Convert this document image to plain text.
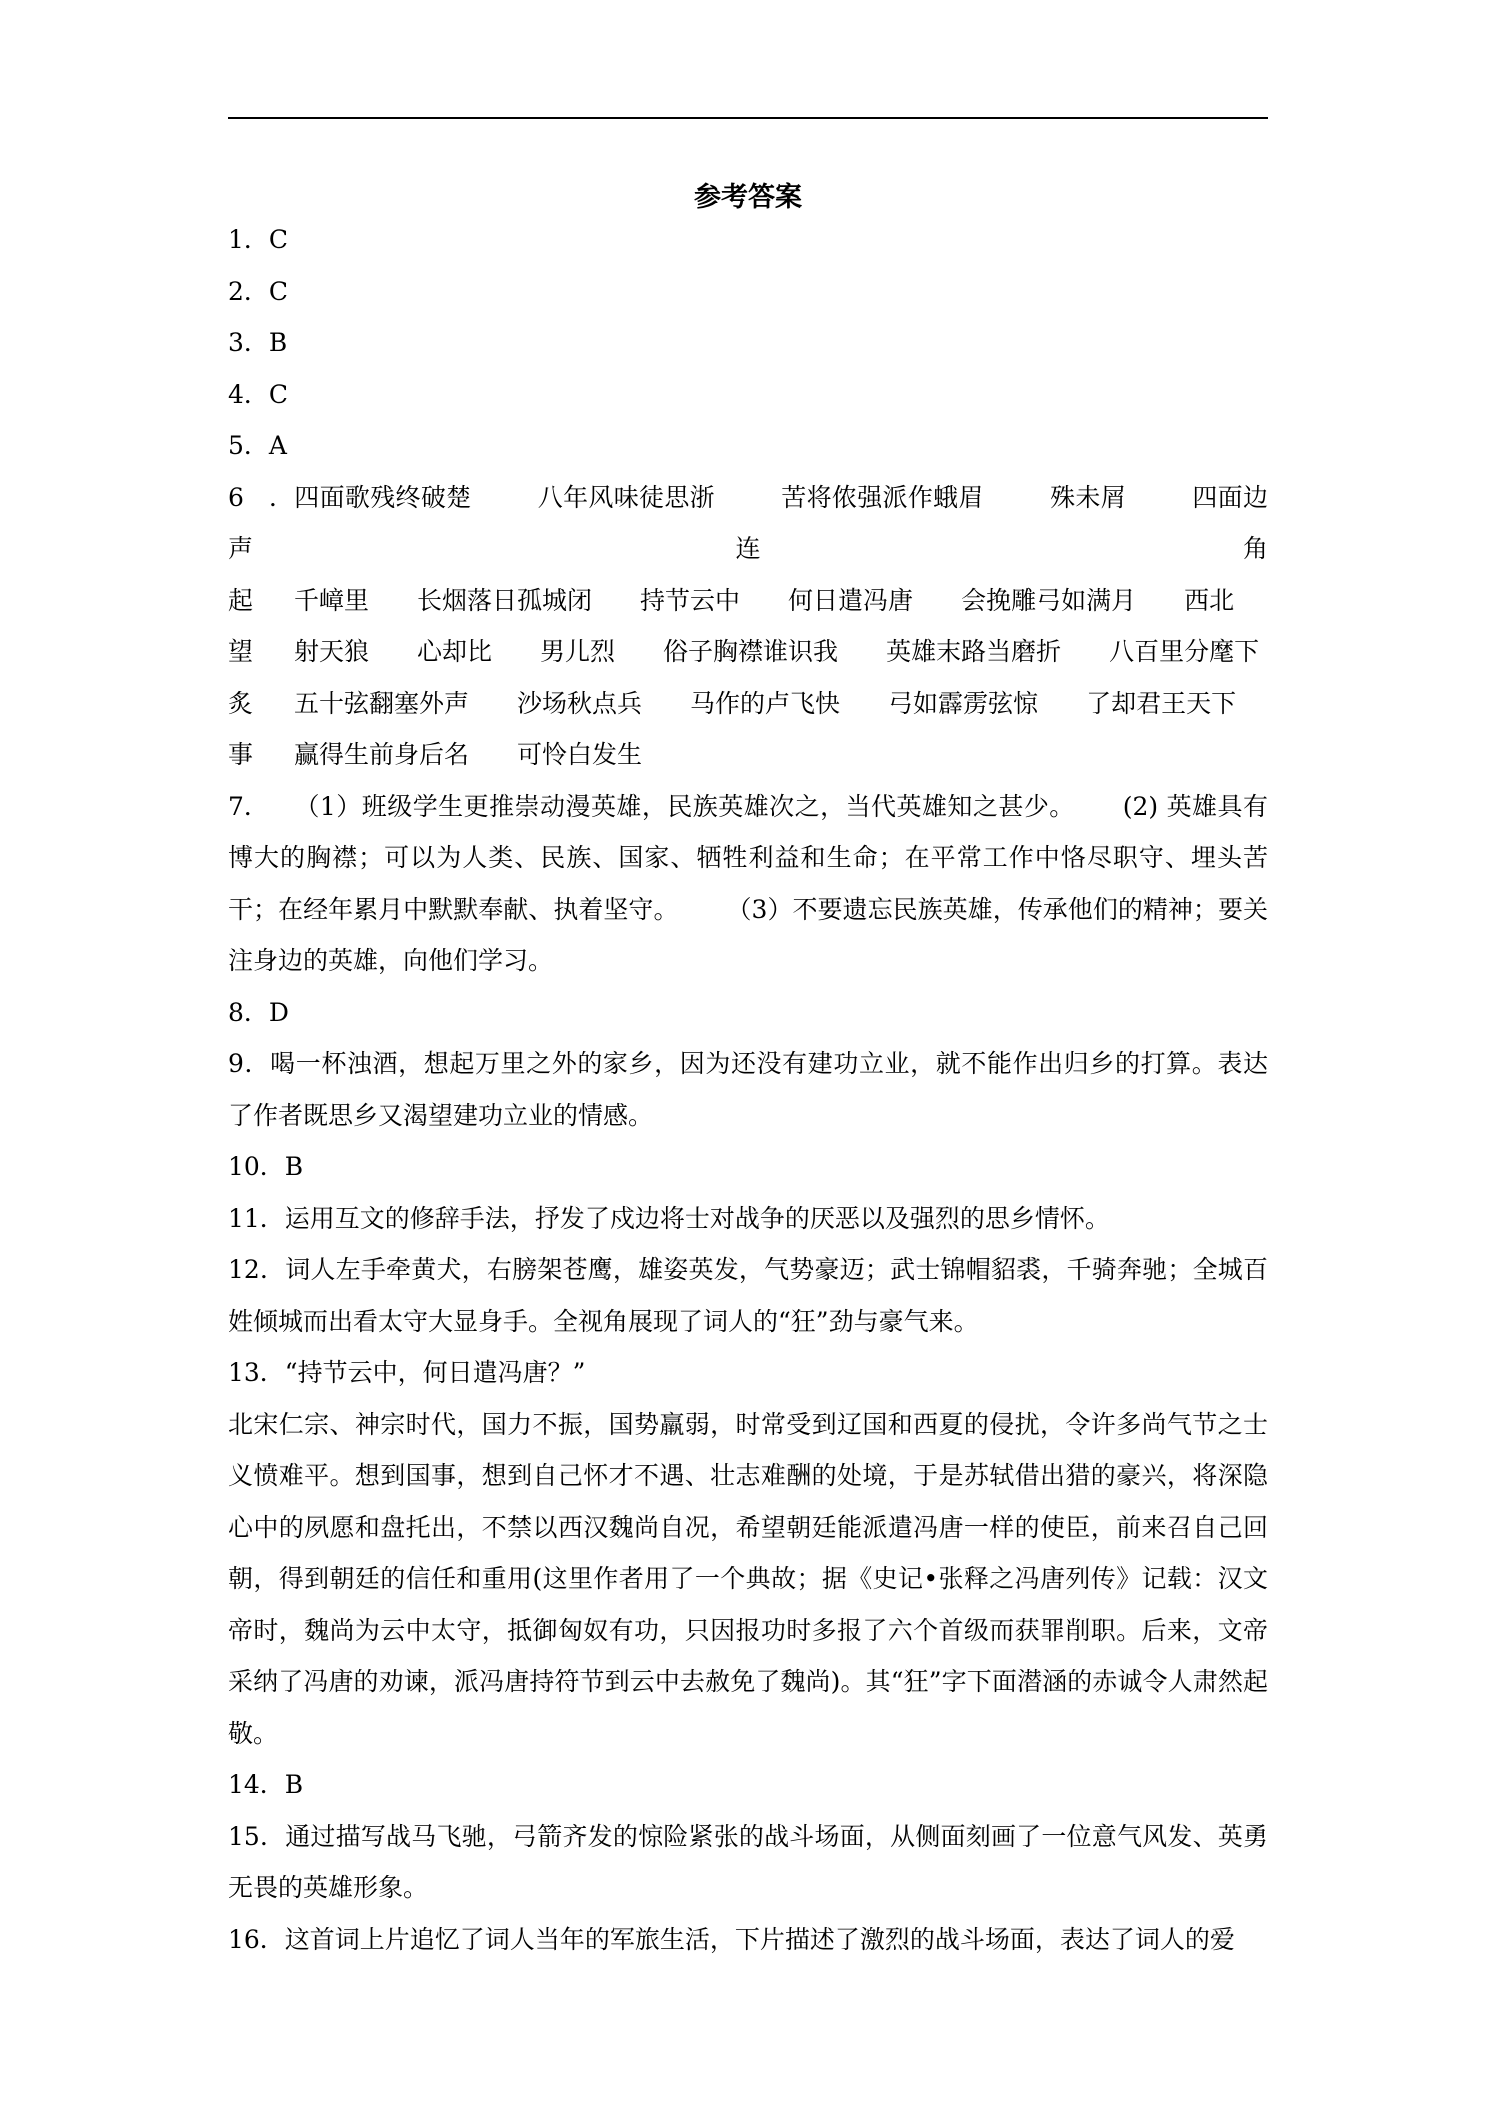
参考答案
1．C
2．C
3．B
4．C
5．A
6．四面歌残终破楚	八年风味徒思浙	苦将侬强派作蛾眉	殊未屑	四面边声连角
起 千嶂里 长烟落日孤城闭 持节云中 何日遣冯唐 会挽雕弓如满月 西北
望 射天狼 心却比 男儿烈 俗子胸襟谁识我 英雄末路当磨折 八百里分麾下
炙 五十弦翻塞外声 沙场秋点兵 马作的卢飞快 弓如霹雳弦惊 了却君王天下
事 赢得生前身后名 可怜白发生
7． （1）班级学生更推崇动漫英雄，民族英雄次之，当代英雄知之甚少。 (2) 英雄具有博大的胸襟；可以为人类、民族、国家、牺牲利益和生命；在平常工作中恪尽职守、埋头苦干；在经年累月中默默奉献、执着坚守。 （3）不要遗忘民族英雄，传承他们的精神；要关注身边的英雄，向他们学习。
8．D
9．喝一杯浊酒，想起万里之外的家乡，因为还没有建功立业，就不能作出归乡的打算。表达了作者既思乡又渴望建功立业的情感。
10．B
11．运用互文的修辞手法，抒发了戍边将士对战争的厌恶以及强烈的思乡情怀。
12．词人左手牵黄犬，右膀架苍鹰，雄姿英发，气势豪迈；武士锦帽貂裘，千骑奔驰；全城百姓倾城而出看太守大显身手。全视角展现了词人的“狂”劲与豪气来。
13．“持节云中，何日遣冯唐？”
北宋仁宗、神宗时代，国力不振，国势羸弱，时常受到辽国和西夏的侵扰，令许多尚气节之士义愤难平。想到国事，想到自己怀才不遇、壮志难酬的处境，于是苏轼借出猎的豪兴，将深隐心中的夙愿和盘托出，不禁以西汉魏尚自况，希望朝廷能派遣冯唐一样的使臣，前来召自己回朝，得到朝廷的信任和重用(这里作者用了一个典故；据《史记•张释之冯唐列传》记载：汉文帝时，魏尚为云中太守，抵御匈奴有功，只因报功时多报了六个首级而获罪削职。后来，文帝采纳了冯唐的劝谏，派冯唐持符节到云中去赦免了魏尚)。其“狂”字下面潜涵的赤诚令人肃然起敬。
14．B
15．通过描写战马飞驰，弓箭齐发的惊险紧张的战斗场面，从侧面刻画了一位意气风发、英勇无畏的英雄形象。
16．这首词上片追忆了词人当年的军旅生活，下片描述了激烈的战斗场面，表达了词人的爱
